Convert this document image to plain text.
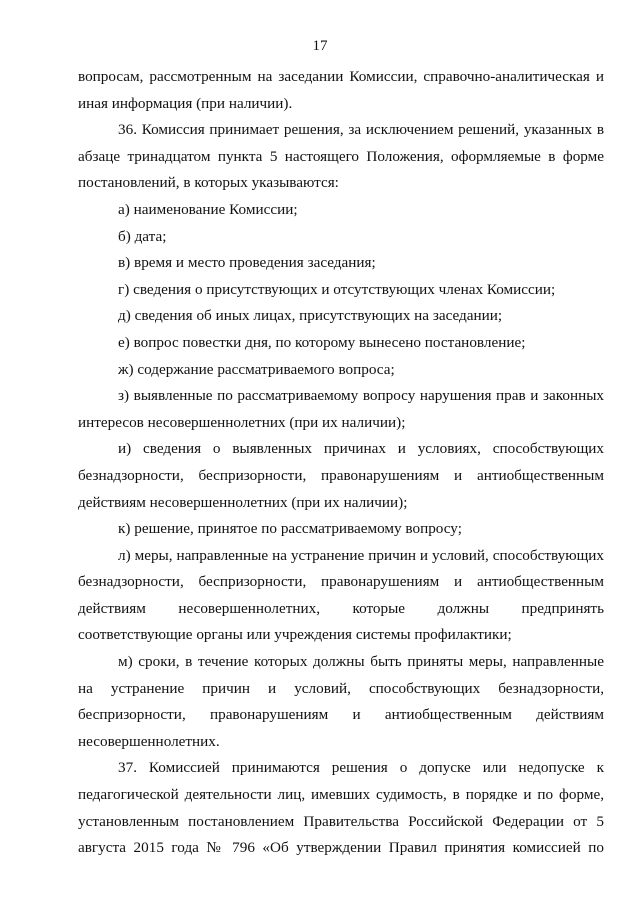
17

вопросам, рассмотренным на заседании Комиссии, справочно-аналитическая и иная информация (при наличии).

36. Комиссия принимает решения, за исключением решений, указанных в абзаце тринадцатом пункта 5 настоящего Положения, оформляемые в форме постановлений, в которых указываются:

а) наименование Комиссии;

б) дата;

в) время и место проведения заседания;

г) сведения о присутствующих и отсутствующих членах Комиссии;

д) сведения об иных лицах, присутствующих на заседании;

е) вопрос повестки дня, по которому вынесено постановление;

ж) содержание рассматриваемого вопроса;

з) выявленные по рассматриваемому вопросу нарушения прав и законных интересов несовершеннолетних (при их наличии);

и) сведения о выявленных причинах и условиях, способствующих безнадзорности, беспризорности, правонарушениям и антиобщественным действиям несовершеннолетних (при их наличии);

к) решение, принятое по рассматриваемому вопросу;

л) меры, направленные на устранение причин и условий, способствующих безнадзорности, беспризорности, правонарушениям и антиобщественным действиям несовершеннолетних, которые должны предпринять соответствующие органы или учреждения системы профилактики;

м) сроки, в течение которых должны быть приняты меры, направленные на устранение причин и условий, способствующих безнадзорности, беспризорности, правонарушениям и антиобщественным действиям несовершеннолетних.

37. Комиссией принимаются решения о допуске или недопуске к педагогической деятельности лиц, имевших судимость, в порядке и по форме, установленным постановлением Правительства Российской Федерации от 5 августа 2015 года № 796 «Об утверждении Правил принятия комиссией по
